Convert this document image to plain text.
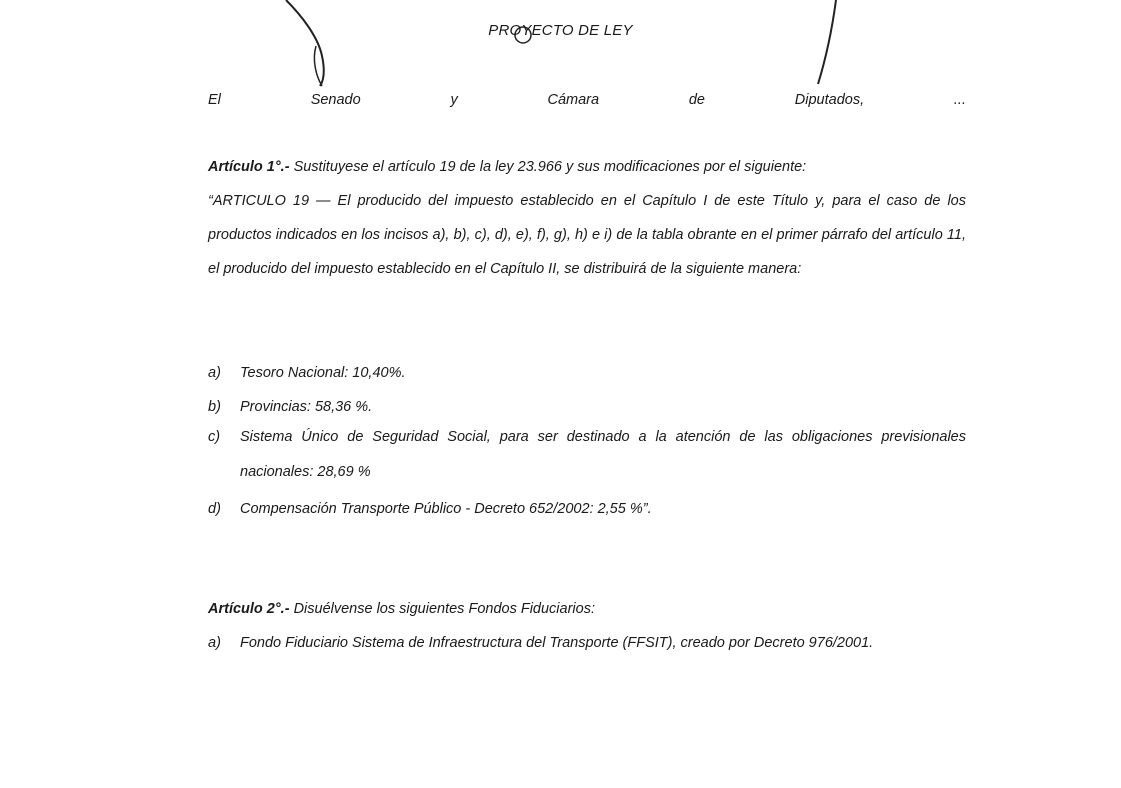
PROYECTO DE LEY
El	Senado	y	Cámara	de	Diputados,	...
Artículo 1°.- Sustituyese el artículo 19 de la ley 23.966 y sus modificaciones por el siguiente:
“ARTICULO 19 — El producido del impuesto establecido en el Capítulo I de este Título y, para el caso de los productos indicados en los incisos a), b), c), d), e), f), g), h) e i) de la tabla obrante en el primer párrafo del artículo 11, el producido del impuesto establecido en el Capítulo II, se distribuirá de la siguiente manera:
a) Tesoro Nacional: 10,40%.
b) Provincias: 58,36 %.
c) Sistema Único de Seguridad Social, para ser destinado a la atención de las obligaciones previsionales nacionales: 28,69 %
d) Compensación Transporte Público - Decreto 652/2002: 2,55 %”.
Artículo 2°.- Disuélvense los siguientes Fondos Fiduciarios:
a) Fondo Fiduciario Sistema de Infraestructura del Transporte (FFSIT), creado por Decreto 976/2001.
